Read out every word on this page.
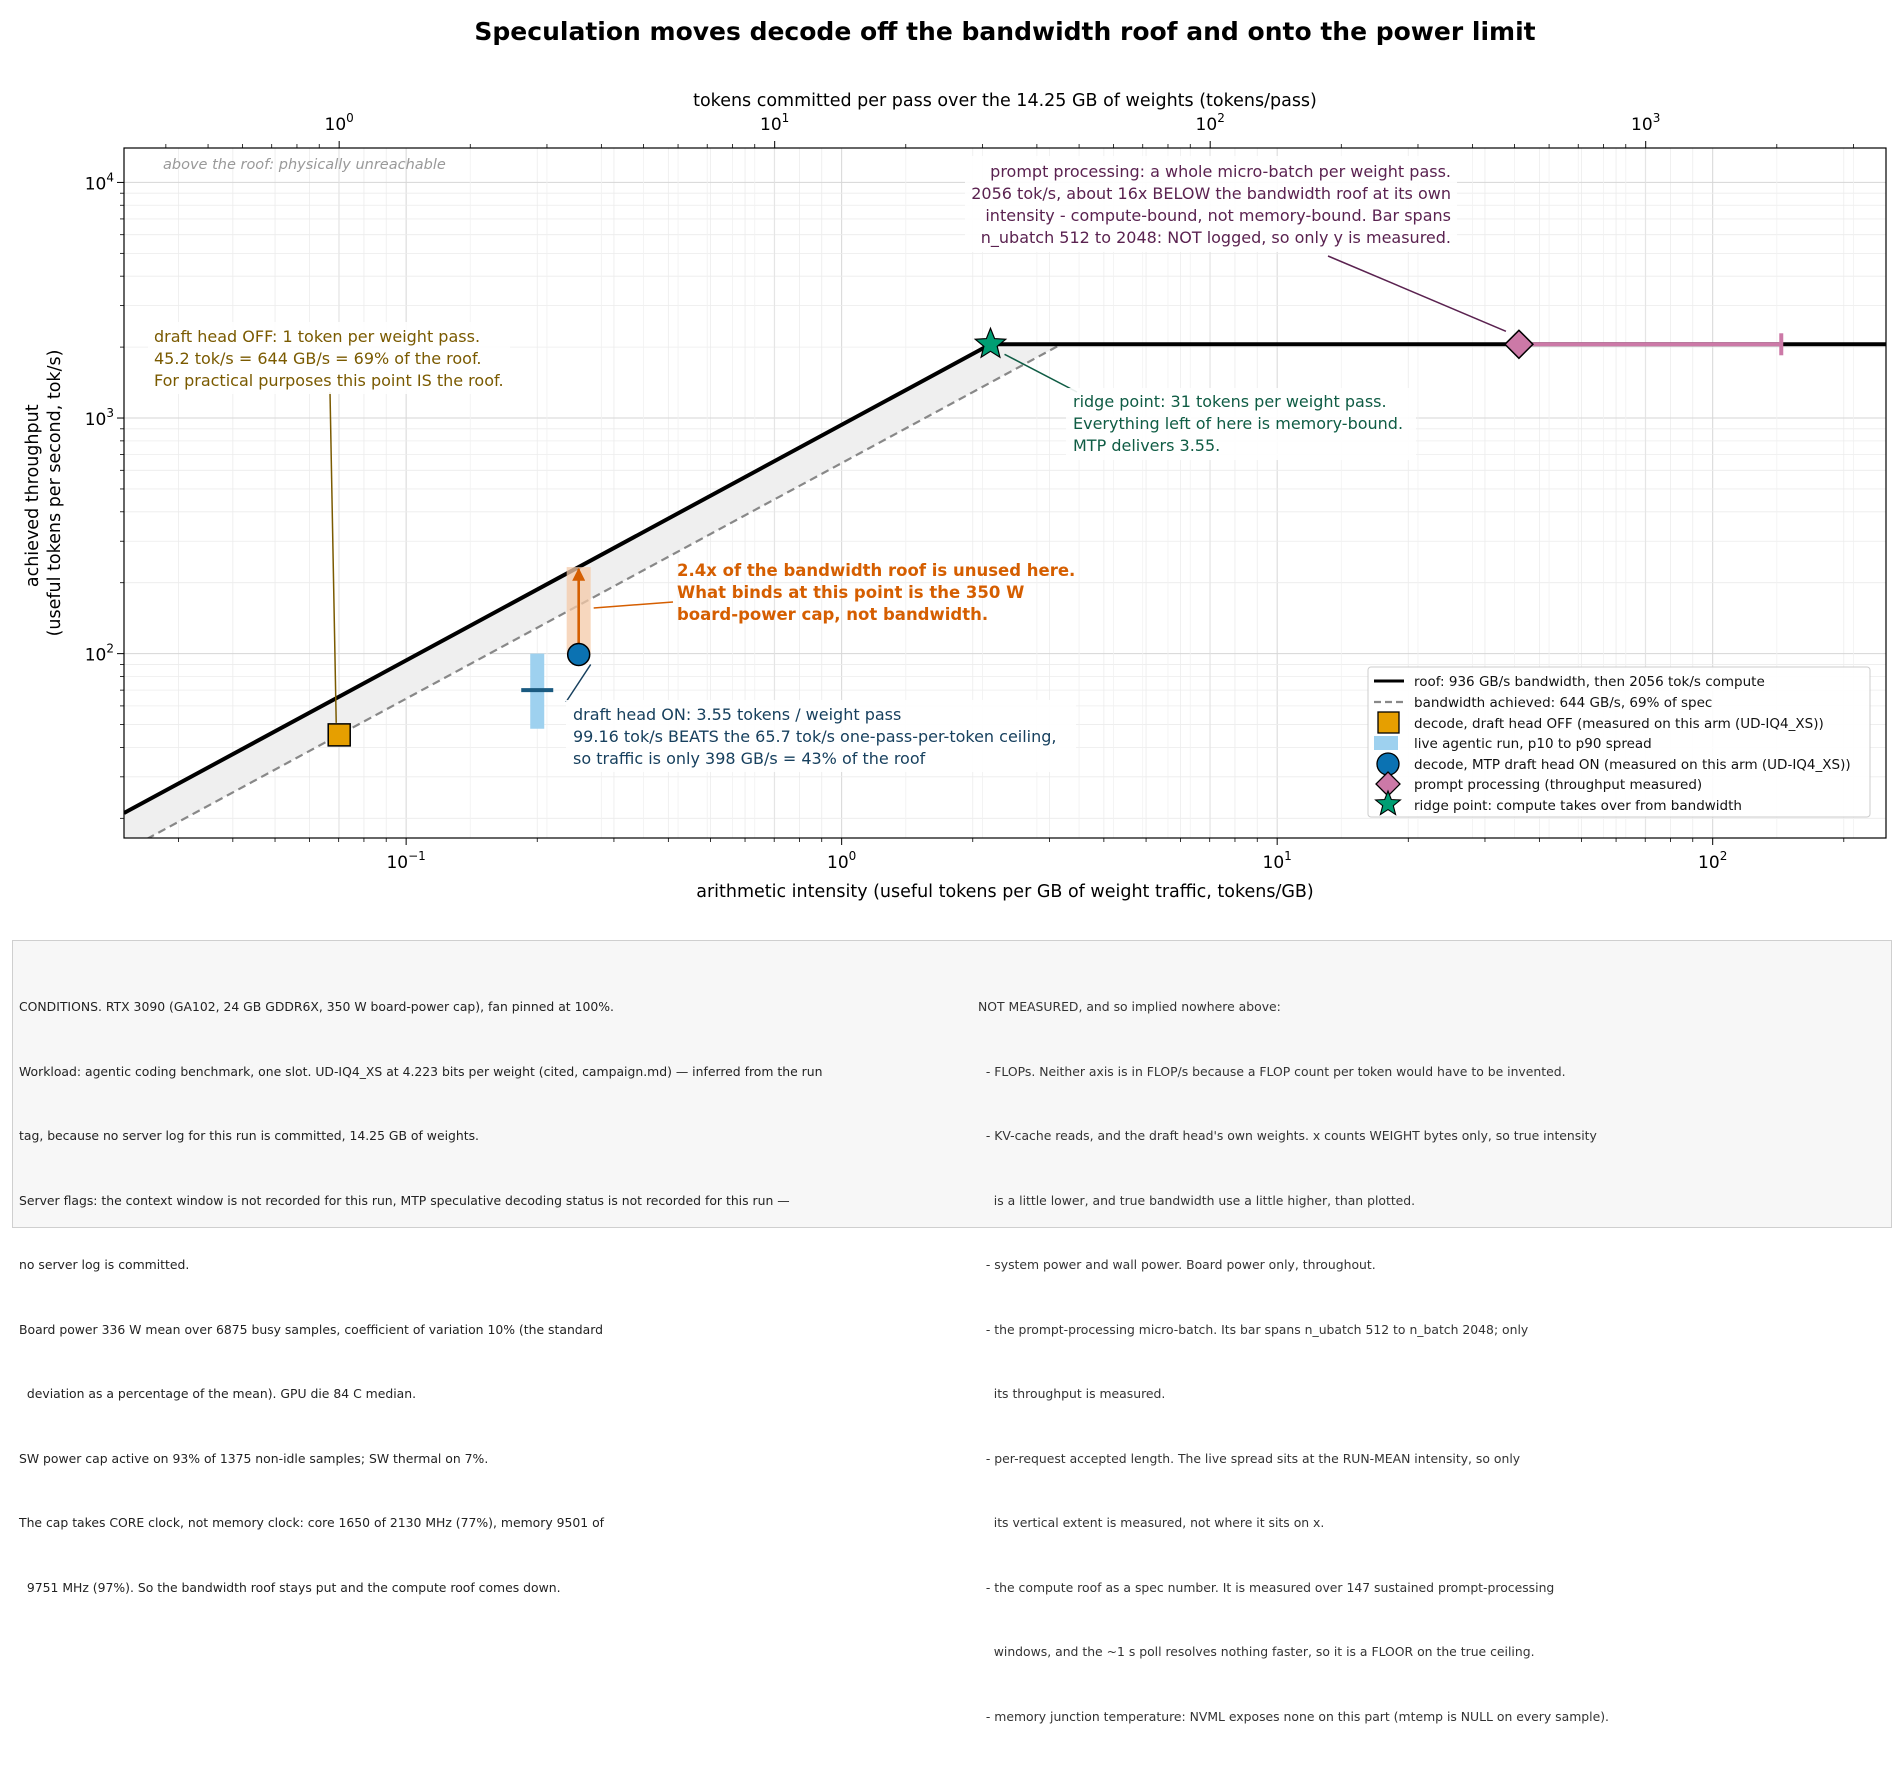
Speculation moves decode off the bandwidth roof and onto the power limit
tokens committed per pass over the 14.25 GB of weights (tokens/pass)
arithmetic intensity (useful tokens per GB of weight traffic, tokens/GB)
achieved throughput (useful tokens per second, tok/s)
$10^{-1}$	$10^0$	$10^1$	$10^2$
$10^0$	$10^1$	$10^2$	$10^3$
$10^2$
$10^3$
$10^4$
above the roof: physically unreachable
draft head OFF: 1 token per weight pass. 45.2 tok/s = 644 GB/s = 69% of the roof. For practical purposes this point IS the roof.
draft head ON: 3.55 tokens / weight pass 99.16 tok/s BEATS the 65.7 tok/s one-pass-per-token ceiling, so traffic is only 398 GB/s = 43% of the roof
2.4x of the bandwidth roof is unused here. What binds at this point is the 350 W board-power cap, not bandwidth.
ridge point: 31 tokens per weight pass. Everything left of here is memory-bound. MTP delivers 3.55.
prompt processing: a whole micro-batch per weight pass. 2056 tok/s, about 16x BELOW the bandwidth roof at its own intensity - compute-bound, not memory-bound. Bar spans n_ubatch 512 to 2048: NOT logged, so only y is measured.
roof: 936 GB/s bandwidth, then 2056 tok/s compute
bandwidth achieved: 644 GB/s, 69% of spec
decode, draft head OFF (measured on this arm (UD-IQ4_XS))
live agentic run, p10 to p90 spread
decode, MTP draft head ON (measured on this arm (UD-IQ4_XS))
prompt processing (throughput measured)
ridge point: compute takes over from bandwidth

CONDITIONS. RTX 3090 (GA102, 24 GB GDDR6X, 350 W board-power cap), fan pinned at 100%.

Workload: agentic coding benchmark, one slot. UD-IQ4_XS at 4.223 bits per weight (cited, campaign.md) — inferred from the run

tag, because no server log for this run is committed, 14.25 GB of weights.

Server flags: the context window is not recorded for this run, MTP speculative decoding status is not recorded for this run —

no server log is committed.

Board power 336 W mean over 6875 busy samples, coefficient of variation 10% (the standard

deviation as a percentage of the mean). GPU die 84 C median.

SW power cap active on 93% of 1375 non-idle samples; SW thermal on 7%.

The cap takes CORE clock, not memory clock: core 1650 of 2130 MHz (77%), memory 9501 of

9751 MHz (97%). So the bandwidth roof stays put and the compute roof comes down.

NOT MEASURED, and so implied nowhere above:

- FLOPs. Neither axis is in FLOP/s because a FLOP count per token would have to be invented.

- KV-cache reads, and the draft head's own weights. x counts WEIGHT bytes only, so true intensity

is a little lower, and true bandwidth use a little higher, than plotted.

- system power and wall power. Board power only, throughout.

- the prompt-processing micro-batch. Its bar spans n_ubatch 512 to n_batch 2048; only

its throughput is measured.

- per-request accepted length. The live spread sits at the RUN-MEAN intensity, so only

its vertical extent is measured, not where it sits on x.

- the compute roof as a spec number. It is measured over 147 sustained prompt-processing

windows, and the ~1 s poll resolves nothing faster, so it is a FLOOR on the true ceiling.

- memory junction temperature: NVML exposes none on this part (mtemp is NULL on every sample).
